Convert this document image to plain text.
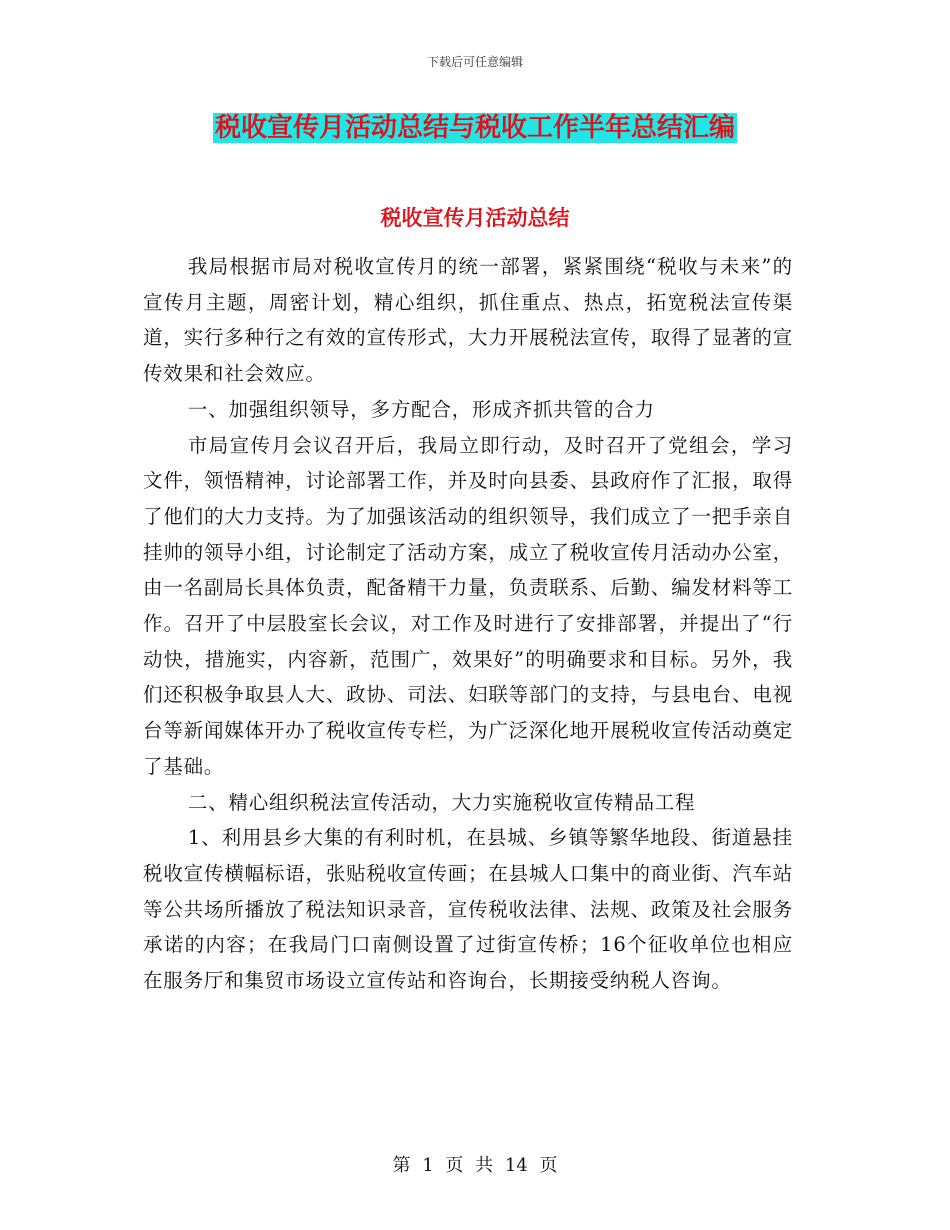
下载后可任意编辑
税收宣传月活动总结与税收工作半年总结汇编
税收宣传月活动总结

我局根据市局对税收宣传月的统一部署，紧紧围绕“税收与未来”的宣传月主题，周密计划，精心组织，抓住重点、热点，拓宽税法宣传渠道，实行多种行之有效的宣传形式，大力开展税法宣传，取得了显著的宣传效果和社会效应。

一、加强组织领导，多方配合，形成齐抓共管的合力

市局宣传月会议召开后，我局立即行动，及时召开了党组会，学习文件，领悟精神，讨论部署工作，并及时向县委、县政府作了汇报，取得了他们的大力支持。为了加强该活动的组织领导，我们成立了一把手亲自挂帅的领导小组，讨论制定了活动方案，成立了税收宣传月活动办公室，由一名副局长具体负责，配备精干力量，负责联系、后勤、编发材料等工作。召开了中层股室长会议，对工作及时进行了安排部署，并提出了“行动快，措施实，内容新，范围广，效果好”的明确要求和目标。另外，我们还积极争取县人大、政协、司法、妇联等部门的支持，与县电台、电视台等新闻媒体开办了税收宣传专栏，为广泛深化地开展税收宣传活动奠定了基础。

二、精心组织税法宣传活动，大力实施税收宣传精品工程

1、利用县乡大集的有利时机，在县城、乡镇等繁华地段、街道悬挂税收宣传横幅标语，张贴税收宣传画；在县城人口集中的商业街、汽车站等公共场所播放了税法知识录音，宣传税收法律、法规、政策及社会服务承诺的内容；在我局门口南侧设置了过街宣传桥；16个征收单位也相应在服务厅和集贸市场设立宣传站和咨询台，长期接受纳税人咨询。

第 1 页 共 14 页
